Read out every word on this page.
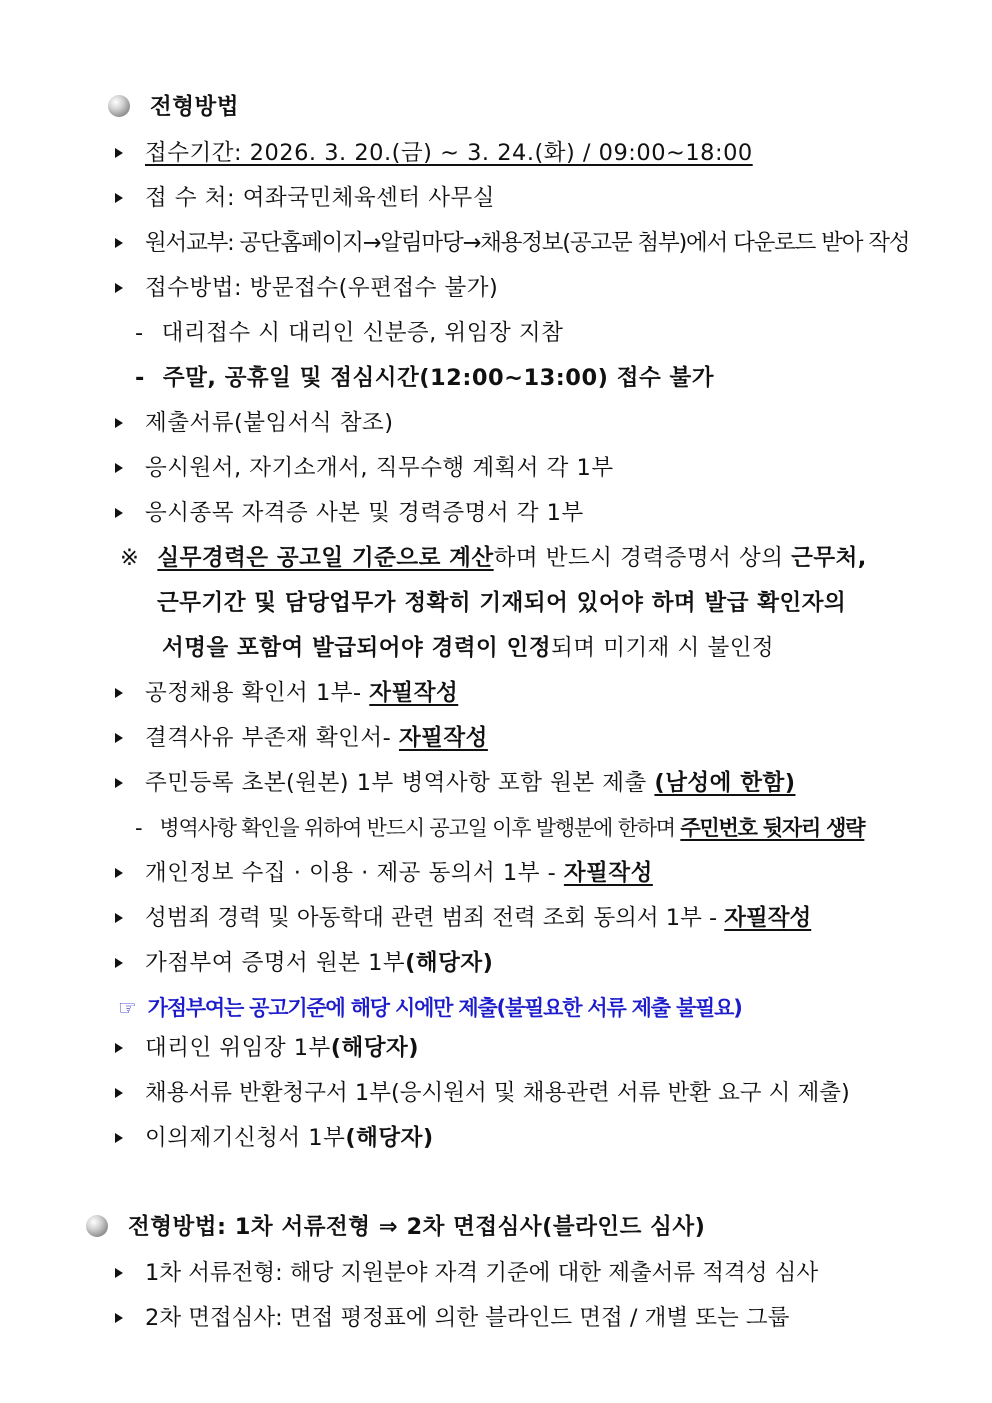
전형방법
접수기간: 2026. 3. 20.(금) ~ 3. 24.(화) / 09:00~18:00
접 수 처: 여좌국민체육센터 사무실
원서교부: 공단홈페이지→알림마당→채용정보(공고문 첨부)에서 다운로드 받아 작성
접수방법: 방문접수(우편접수 불가)
- 대리접수 시 대리인 신분증, 위임장 지참
- 주말, 공휴일 및 점심시간(12:00~13:00) 접수 불가
제출서류(붙임서식 참조)
응시원서, 자기소개서, 직무수행 계획서 각 1부
응시종목 자격증 사본 및 경력증명서 각 1부
※ 실무경력은 공고일 기준으로 계산하며 반드시 경력증명서 상의 근무처,
근무기간 및 담당업무가 정확히 기재되어 있어야 하며 발급 확인자의
서명을 포함여 발급되어야 경력이 인정되며 미기재 시 불인정
공정채용 확인서 1부- 자필작성
결격사유 부존재 확인서- 자필작성
주민등록 초본(원본) 1부 병역사항 포함 원본 제출 (남성에 한함)
- 병역사항 확인을 위하여 반드시 공고일 이후 발행분에 한하며 주민번호 뒷자리 생략
개인정보 수집 · 이용 · 제공 동의서 1부 - 자필작성
성범죄 경력 및 아동학대 관련 범죄 전력 조회 동의서 1부 - 자필작성
가점부여 증명서 원본 1부(해당자)
☞ 가점부여는 공고기준에 해당 시에만 제출(불필요한 서류 제출 불필요)
대리인 위임장 1부(해당자)
채용서류 반환청구서 1부(응시원서 및 채용관련 서류 반환 요구 시 제출)
이의제기신청서 1부(해당자)
전형방법: 1차 서류전형 ⇒ 2차 면접심사(블라인드 심사)
1차 서류전형: 해당 지원분야 자격 기준에 대한 제출서류 적격성 심사
2차 면접심사: 면접 평정표에 의한 블라인드 면접 / 개별 또는 그룹
